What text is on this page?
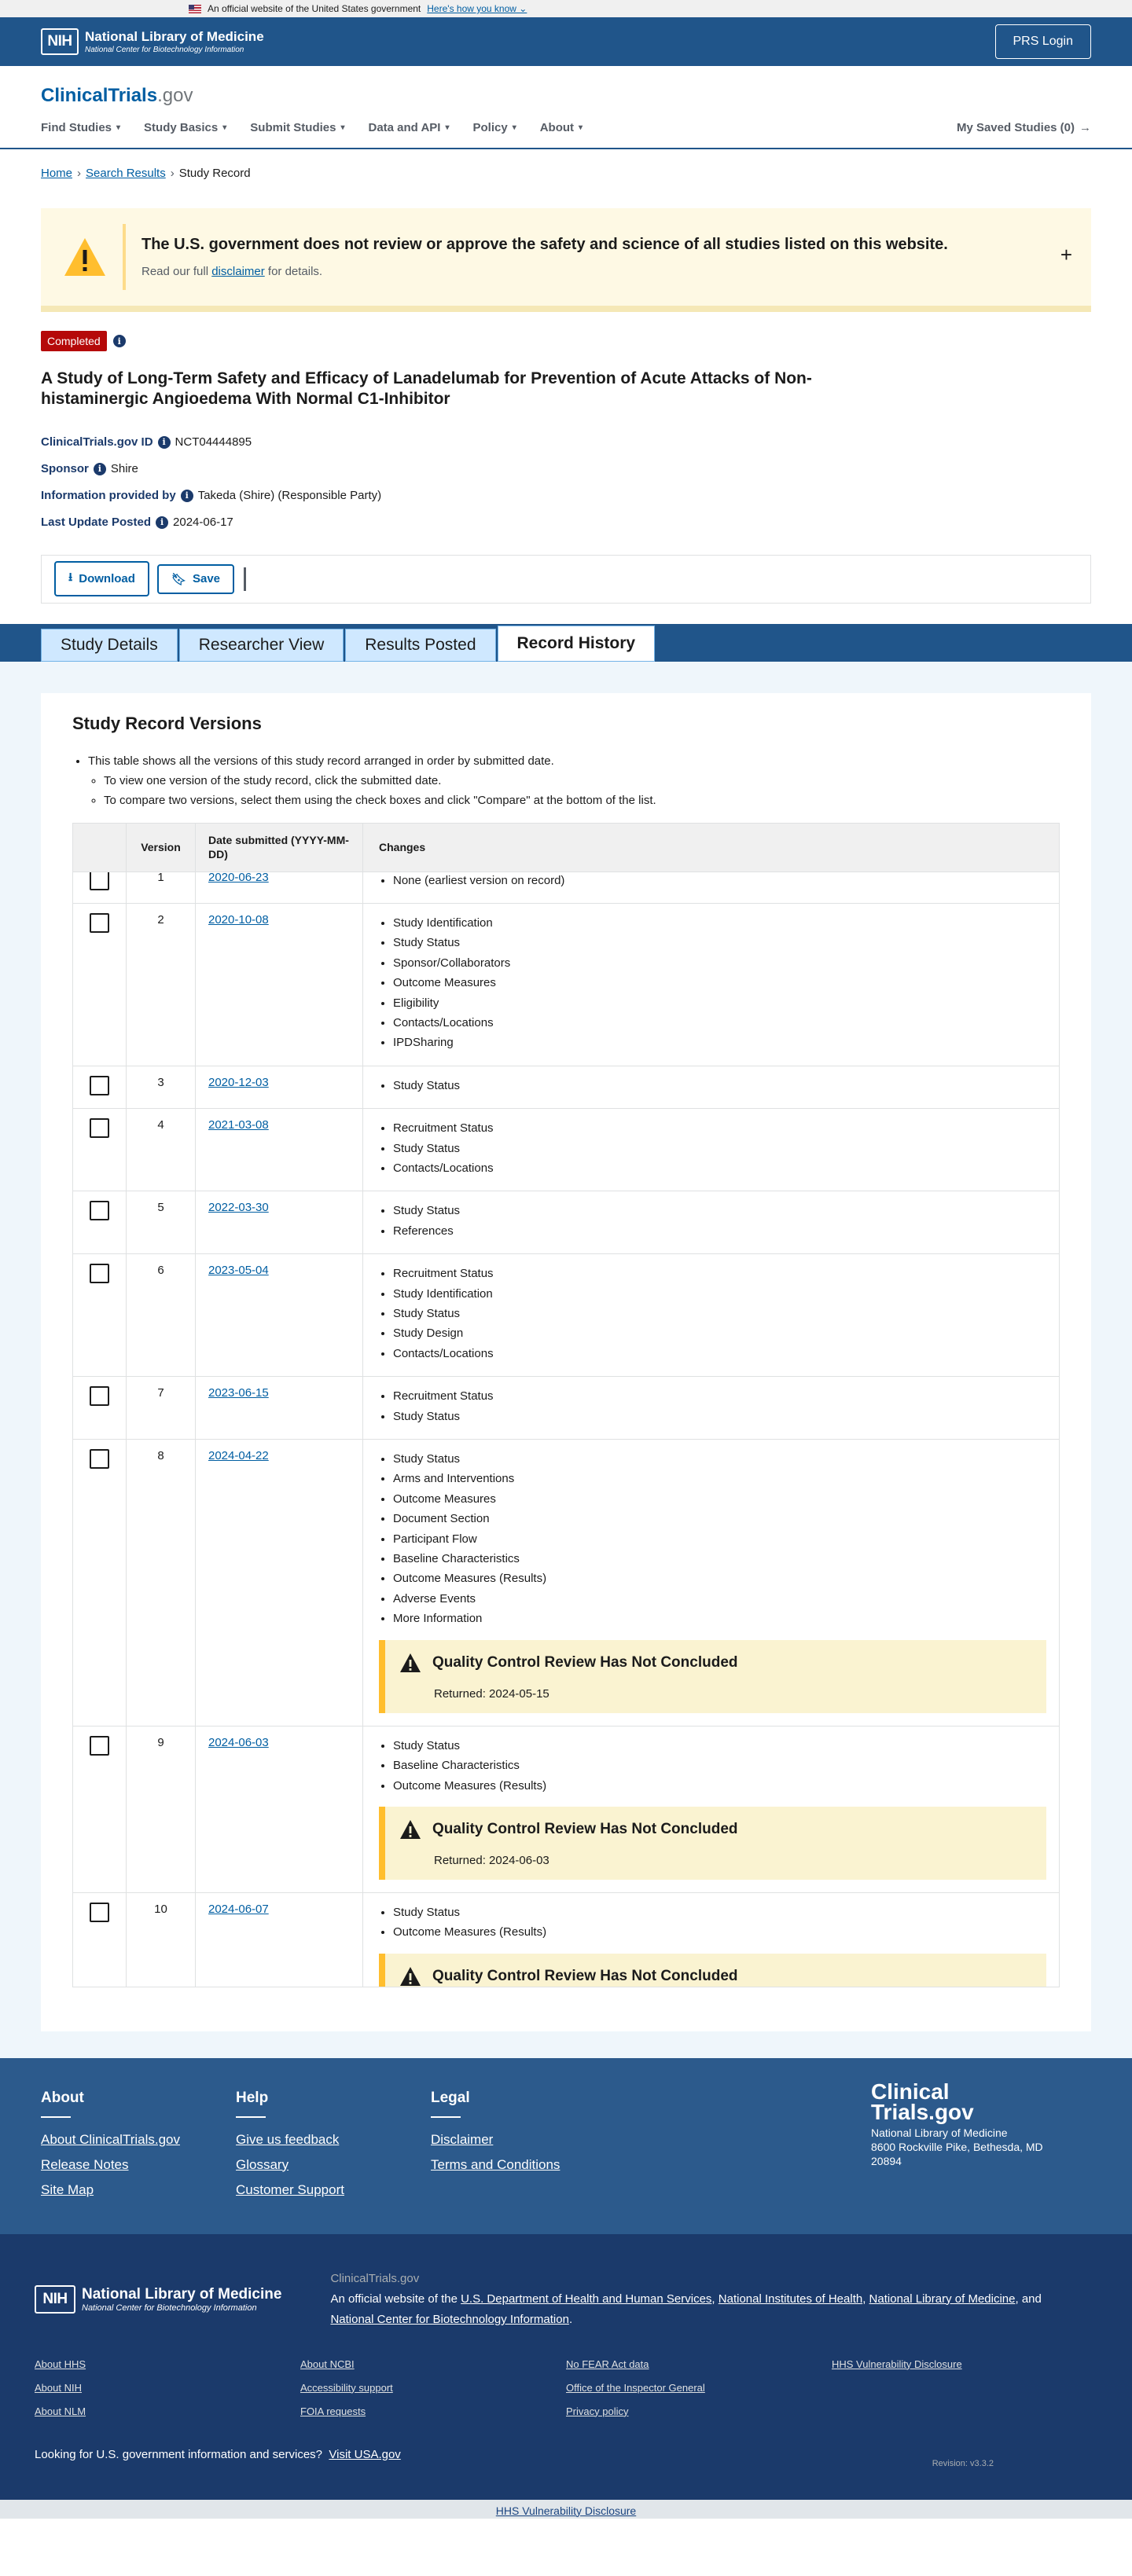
An official website of the United States government Here's how you know ⌄
NIH National Library of Medicine
National Center for Biotechnology Information
PRS Login
ClinicalTrials.gov
Find Studies ▾ Study Basics ▾ Submit Studies ▾ Data and API ▾ Policy ▾ About ▾	My Saved Studies (0) →
Home › Search Results › Study Record
The U.S. government does not review or approve the safety and science of all studies listed on this website.
Read our full disclaimer for details.
+
Completed	i
A Study of Long-Term Safety and Efficacy of Lanadelumab for Prevention of Acute Attacks of Non-histaminergic Angioedema With Normal C1-Inhibitor
ClinicalTrials.gov ID	i NCT04444895
Sponsor	i Shire
Information provided by	i Takeda (Shire) (Responsible Party)
Last Update Posted	i 2024-06-17
⭳ Download	🔖︎ Save
Study Details	Researcher View	Results Posted	Record History
Study Record Versions
• This table shows all the versions of this study record arranged in order by submitted date.
◦ To view one version of the study record, click the submitted date.
◦ To compare two versions, select them using the check boxes and click "Compare" at the bottom of the list.
Version
Date submitted (YYYY-MM-DD)
Changes
1	2020-06-23	• None (earliest version on record)
2	2020-10-08	• Study Identification
• Study Status
• Sponsor/Collaborators
• Outcome Measures
• Eligibility
• Contacts/Locations
• IPDSharing
3	2020-12-03	• Study Status
4	2021-03-08	• Recruitment Status
• Study Status
• Contacts/Locations
5	2022-03-30	• Study Status
• References
6	2023-05-04	• Recruitment Status
• Study Identification
• Study Status
• Study Design
• Contacts/Locations
7	2023-06-15	• Recruitment Status
• Study Status
8	2024-04-22	• Study Status
• Arms and Interventions
• Outcome Measures
• Document Section
• Participant Flow
• Baseline Characteristics
• Outcome Measures (Results)
• Adverse Events
• More Information
Quality Control Review Has Not Concluded
Returned: 2024-05-15
9	2024-06-03	• Study Status
• Baseline Characteristics
• Outcome Measures (Results)
Quality Control Review Has Not Concluded
Returned: 2024-06-03
10	2024-06-07	• Study Status
• Outcome Measures (Results)
Quality Control Review Has Not Concluded
About
About ClinicalTrials.gov
Release Notes
Site Map
Help
Give us feedback
Glossary
Customer Support
Legal
Disclaimer
Terms and Conditions
Clinical
Trials.gov
National Library of Medicine
8600 Rockville Pike, Bethesda, MD
20894
NIH National Library of Medicine
National Center for Biotechnology Information
ClinicalTrials.gov
An official website of the U.S. Department of Health and Human Services, National Institutes of Health, National Library of Medicine, and National Center for Biotechnology Information.
About HHS
About NIH
About NLM
About NCBI
Accessibility support
FOIA requests
No FEAR Act data
Office of the Inspector General
Privacy policy
HHS Vulnerability Disclosure
Looking for U.S. government information and services? Visit USA.gov
Revision: v3.3.2
HHS Vulnerability Disclosure
